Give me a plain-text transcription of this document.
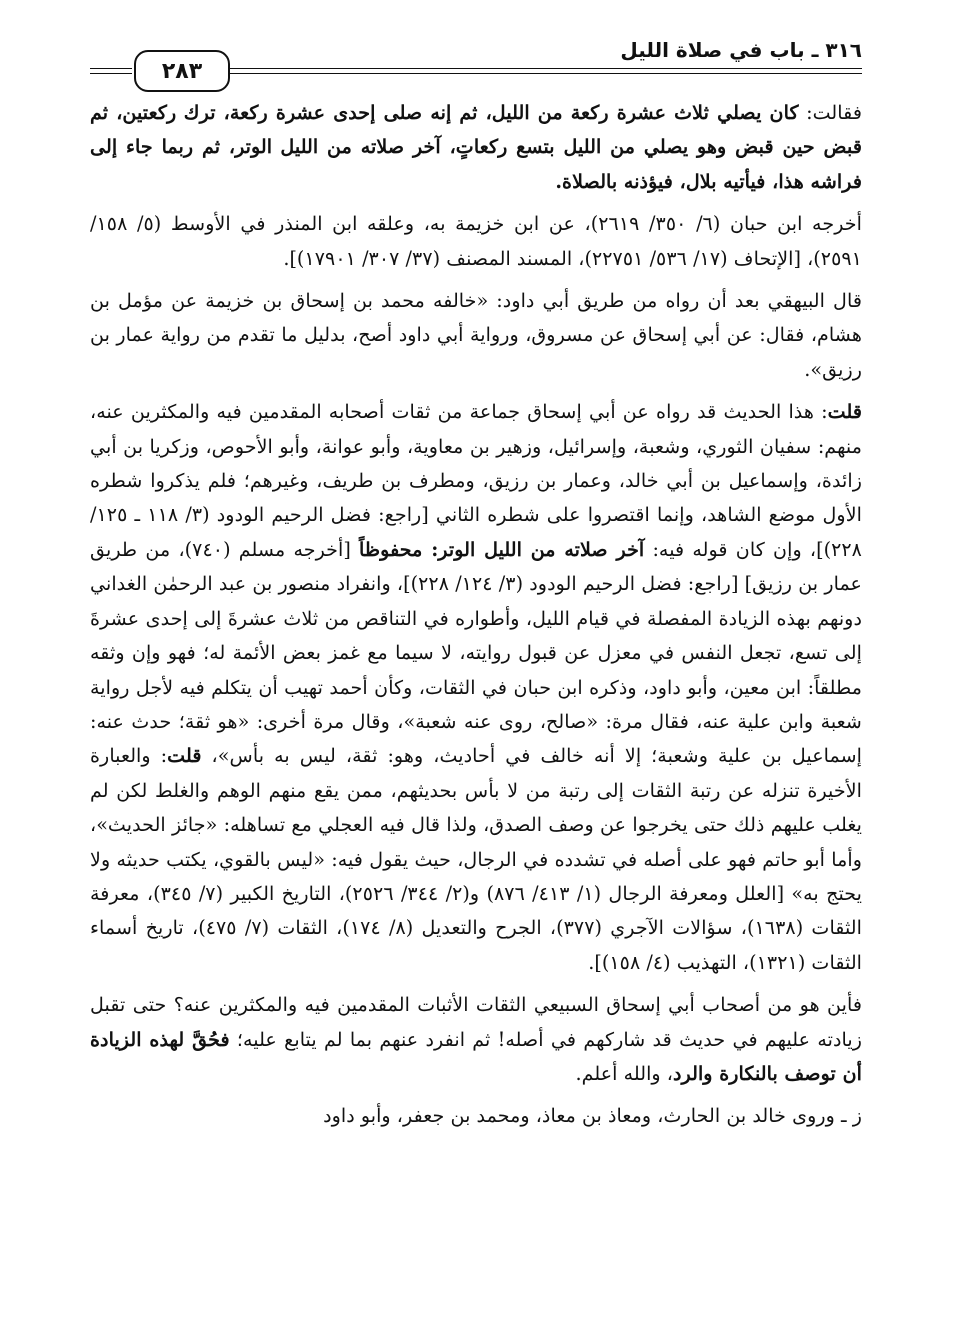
٣١٦ ـ باب في صلاة الليل
٢٨٣

فقالت: كان يصلي ثلاث عشرة ركعة من الليل، ثم إنه صلى إحدى عشرة ركعة، ترك ركعتين، ثم قبض حين قبض وهو يصلي من الليل بتسع ركعاتٍ، آخر صلاته من الليل الوتر، ثم ربما جاء إلى فراشه هذا، فيأتيه بلال، فيؤذنه بالصلاة.

أخرجه ابن حبان (٦/ ٣٥٠/ ٢٦١٩)، عن ابن خزيمة به، وعلقه ابن المنذر في الأوسط (٥/ ١٥٨/ ٢٥٩١)، [الإتحاف (١٧/ ٥٣٦/ ٢٢٧٥١)، المسند المصنف (٣٧/ ٣٠٧/ ١٧٩٠١)].

قال البيهقي بعد أن رواه من طريق أبي داود: «خالفه محمد بن إسحاق بن خزيمة عن مؤمل بن هشام، فقال: عن أبي إسحاق عن مسروق، ورواية أبي داود أصح، بدليل ما تقدم من رواية عمار بن رزيق».

قلت: هذا الحديث قد رواه عن أبي إسحاق جماعة من ثقات أصحابه المقدمين فيه والمكثرين عنه، منهم: سفيان الثوري، وشعبة، وإسرائيل، وزهير بن معاوية، وأبو عوانة، وأبو الأحوص، وزكريا بن أبي زائدة، وإسماعيل بن أبي خالد، وعمار بن رزيق، ومطرف بن طريف، وغيرهم؛ فلم يذكروا شطره الأول موضع الشاهد، وإنما اقتصروا على شطره الثاني [راجع: فضل الرحيم الودود (٣/ ١١٨ ـ ١٢٥/ ٢٢٨)]، وإن كان قوله فيه: آخر صلاته من الليل الوتر: محفوظاً [أخرجه مسلم (٧٤٠)، من طريق عمار بن رزيق] [راجع: فضل الرحيم الودود (٣/ ١٢٤/ ٢٢٨)]، وانفراد منصور بن عبد الرحمٰن الغداني دونهم بهذه الزيادة المفصلة في قيام الليل، وأطواره في التناقص من ثلاث عشرةَ إلى إحدى عشرةَ إلى تسع، تجعل النفس في معزل عن قبول روايته، لا سيما مع غمز بعض الأئمة له؛ فهو وإن وثقه مطلقاً: ابن معين، وأبو داود، وذكره ابن حبان في الثقات، وكأن أحمد تهيب أن يتكلم فيه لأجل رواية شعبة وابن علية عنه، فقال مرة: «صالح، روى عنه شعبة»، وقال مرة أخرى: «هو ثقة؛ حدث عنه: إسماعيل بن علية وشعبة؛ إلا أنه خالف في أحاديث، وهو: ثقة، ليس به بأس»، قلت: والعبارة الأخيرة تنزله عن رتبة الثقات إلى رتبة من لا بأس بحديثهم، ممن يقع منهم الوهم والغلط لكن لم يغلب عليهم ذلك حتى يخرجوا عن وصف الصدق، ولذا قال فيه العجلي مع تساهله: «جائز الحديث»، وأما أبو حاتم فهو على أصله في تشدده في الرجال، حيث يقول فيه: «ليس بالقوي، يكتب حديثه ولا يحتج به» [العلل ومعرفة الرجال (١/ ٤١٣/ ٨٧٦) و(٢/ ٣٤٤/ ٢٥٢٦)، التاريخ الكبير (٧/ ٣٤٥)، معرفة الثقات (١٦٣٨)، سؤالات الآجري (٣٧٧)، الجرح والتعديل (٨/ ١٧٤)، الثقات (٧/ ٤٧٥)، تاريخ أسماء الثقات (١٣٢١)، التهذيب (٤/ ١٥٨)].

فأين هو من أصحاب أبي إسحاق السبيعي الثقات الأثبات المقدمين فيه والمكثرين عنه؟ حتى تقبل زيادته عليهم في حديث قد شاركهم في أصله! ثم انفرد عنهم بما لم يتابع عليه؛ فحُقَّ لهذه الزيادة أن توصف بالنكارة والرد، والله أعلم.

ز ـ وروى خالد بن الحارث، ومعاذ بن معاذ، ومحمد بن جعفر، وأبو داود
